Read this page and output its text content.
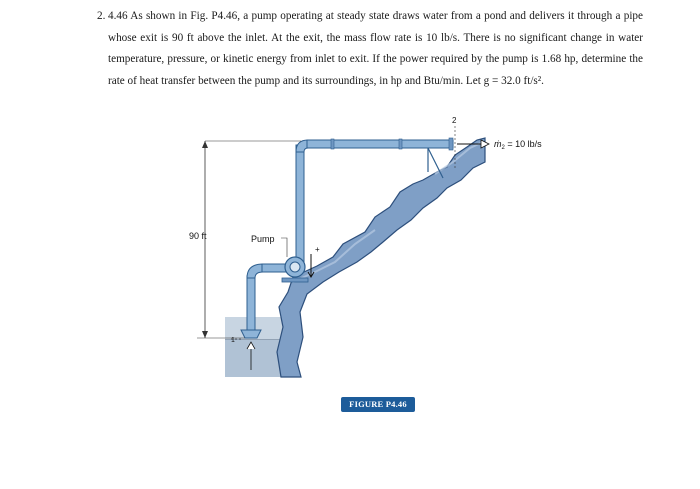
2. 4.46 As shown in Fig. P4.46, a pump operating at steady state draws water from a pond and delivers it through a pipe whose exit is 90 ft above the inlet. At the exit, the mass flow rate is 10 lb/s. There is no significant change in water temperature, pressure, or kinetic energy from inlet to exit. If the power required by the pump is 1.68 hp, determine the rate of heat transfer between the pump and its surroundings, in hp and Btu/min. Let g = 32.0 ft/s².

+
90 ft	Pump
1
2
ṁ$_2$ = 10 lb/s
FIGURE P4.46
